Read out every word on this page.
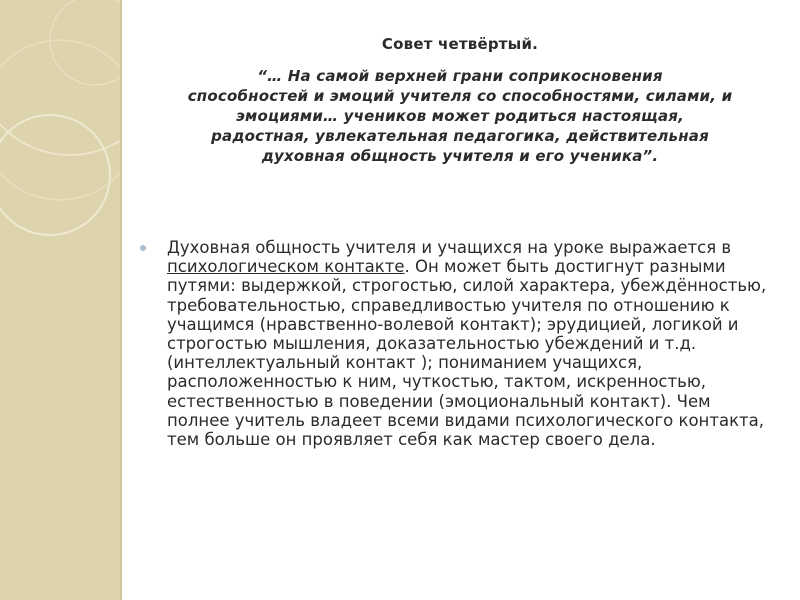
Совет четвёртый.
“… На самой верхней грани соприкосновения
способностей и эмоций учителя со способностями, силами, и
эмоциями… учеников может родиться настоящая,
радостная, увлекательная педагогика, действительная
духовная общность учителя и его ученика”.
Духовная общность учителя и учащихся на уроке выражается в психологическом контакте. Он может быть достигнут разными путями: выдержкой, строгостью, силой характера, убеждённостью, требовательностью, справедливостью учителя по отношению к учащимся (нравственно-волевой контакт); эрудицией, логикой и строгостью мышления, доказательностью убеждений и т.д. (интеллектуальный контакт ); пониманием учащихся, расположенностью к ним, чуткостью, тактом, искренностью, естественностью в поведении (эмоциональный контакт). Чем полнее учитель владеет всеми видами психологического контакта, тем больше он проявляет себя как мастер своего дела.
